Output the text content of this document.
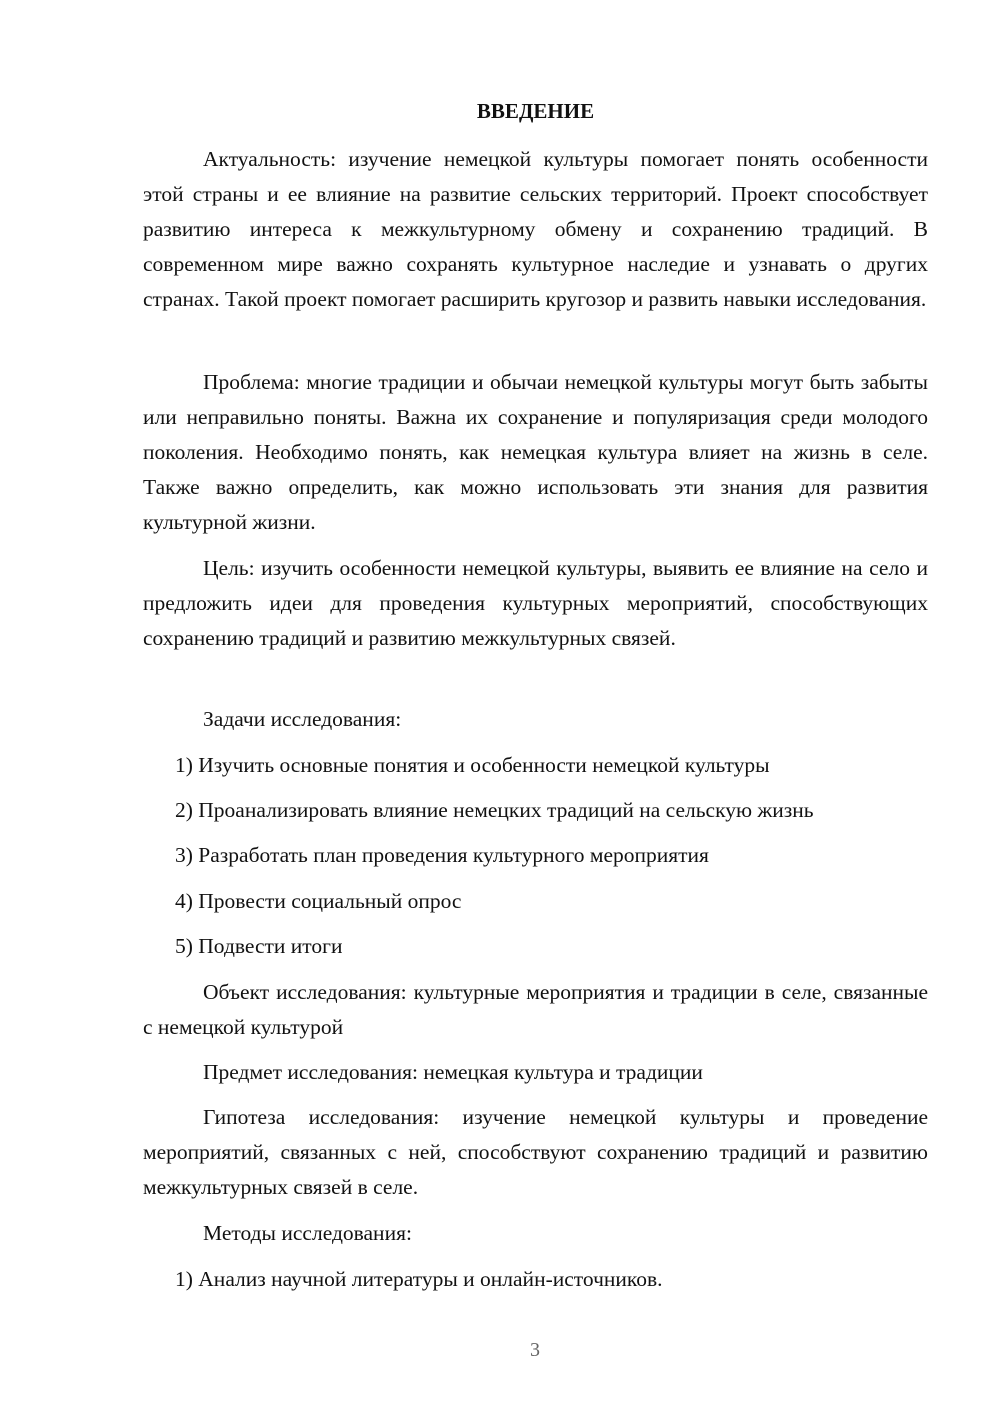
ВВЕДЕНИЕ

Актуальность: изучение немецкой культуры помогает понять особенности этой страны и ее влияние на развитие сельских территорий. Проект способствует развитию интереса к межкультурному обмену и сохранению традиций. В современном мире важно сохранять культурное наследие и узнавать о других странах. Такой проект помогает расширить кругозор и развить навыки исследования.

Проблема: многие традиции и обычаи немецкой культуры могут быть забыты или неправильно поняты. Важна их сохранение и популяризация среди молодого поколения. Необходимо понять, как немецкая культура влияет на жизнь в селе. Также важно определить, как можно использовать эти знания для развития культурной жизни.

Цель: изучить особенности немецкой культуры, выявить ее влияние на село и предложить идеи для проведения культурных мероприятий, способствующих сохранению традиций и развитию межкультурных связей.

Задачи исследования:

1) Изучить основные понятия и особенности немецкой культуры

2) Проанализировать влияние немецких традиций на сельскую жизнь

3) Разработать план проведения культурного мероприятия

4) Провести социальный опрос

5) Подвести итоги

Объект исследования: культурные мероприятия и традиции в селе, связанные с немецкой культурой

Предмет исследования: немецкая культура и традиции

Гипотеза исследования: изучение немецкой культуры и проведение мероприятий, связанных с ней, способствуют сохранению традиций и развитию межкультурных связей в селе.

Методы исследования:

1) Анализ научной литературы и онлайн-источников.

3
